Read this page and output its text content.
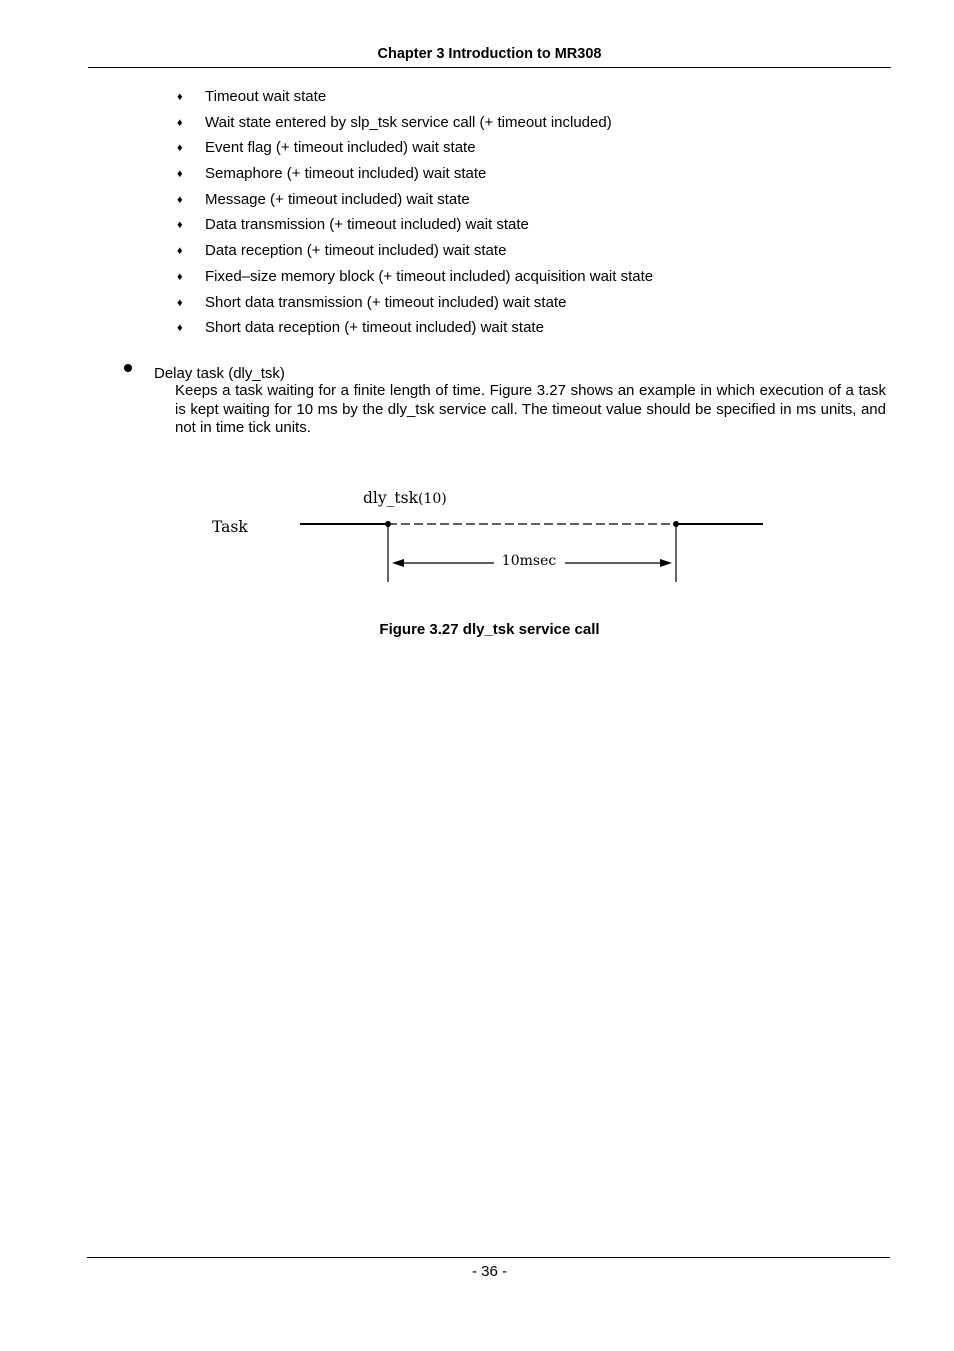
Chapter 3 Introduction to MR308
♦ Timeout wait state
♦ Wait state entered by slp_tsk service call (+ timeout included)
♦ Event flag (+ timeout included) wait state
♦ Semaphore (+ timeout included) wait state
♦ Message (+ timeout included) wait state
♦ Data transmission (+ timeout included) wait state
♦ Data reception (+ timeout included) wait state
♦ Fixed–size memory block (+ timeout included) acquisition wait state
♦ Short data transmission (+ timeout included) wait state
♦ Short data reception (+ timeout included) wait state
Delay task (dly_tsk)
Keeps a task waiting for a finite length of time. Figure 3.27 shows an example in which execution of a task is kept waiting for 10 ms by the dly_tsk service call. The timeout value should be specified in ms units, and not in time tick units.
Task
dly_tsk(10)
10msec
Figure 3.27 dly_tsk service call
- 36 -
